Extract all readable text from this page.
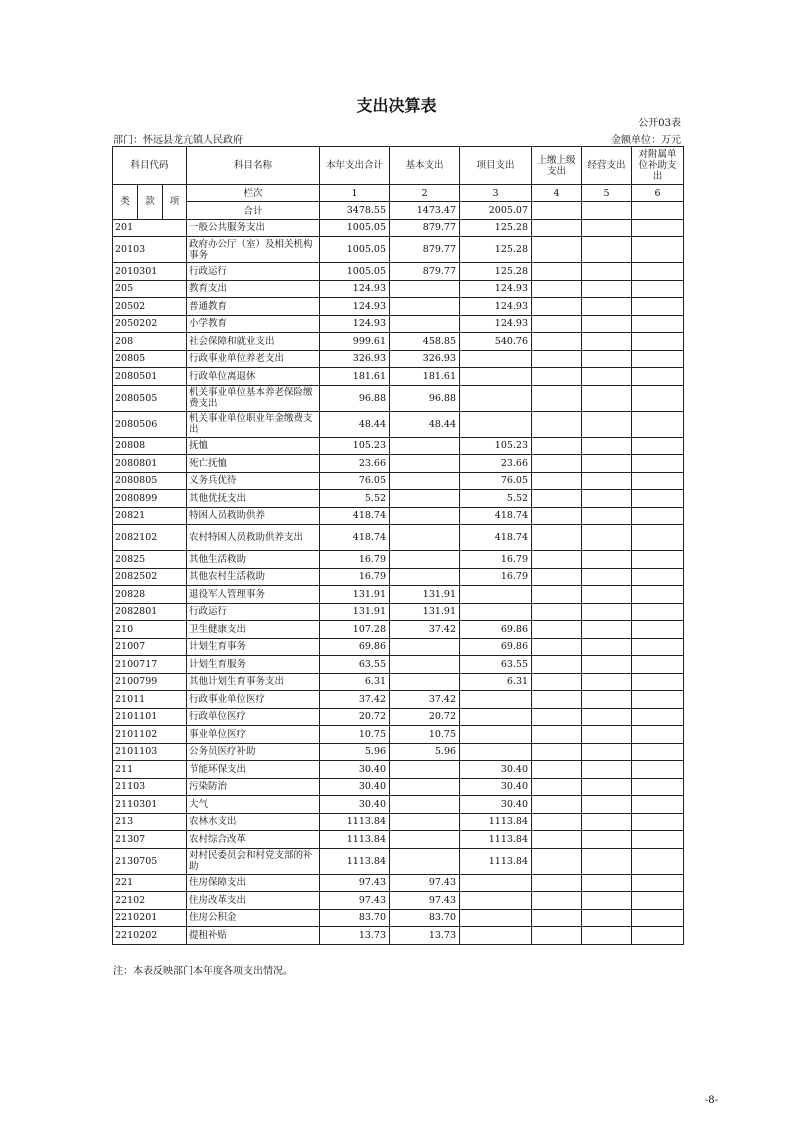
支出决算表
公开03表
部门：怀远县龙亢镇人民政府	金额单位：万元
科目代码			科目名称	本年支出合计	基本支出	项目支出	上缴上级支出	经营支出	对附属单位补助支出
类	款	项	栏次	1	2	3	4	5	6
			合计	3478.55	1473.47	2005.07			
201			一般公共服务支出	1005.05	879.77	125.28			
20103			政府办公厅（室）及相关机构事务	1005.05	879.77	125.28			
2010301			行政运行	1005.05	879.77	125.28			
205			教育支出	124.93		124.93			
20502			普通教育	124.93		124.93			
2050202			小学教育	124.93		124.93			
208			社会保障和就业支出	999.61	458.85	540.76			
20805			行政事业单位养老支出	326.93	326.93				
2080501			行政单位离退休	181.61	181.61				
2080505			机关事业单位基本养老保险缴费支出	96.88	96.88				
2080506			机关事业单位职业年金缴费支出	48.44	48.44				
20808			抚恤	105.23		105.23			
2080801			死亡抚恤	23.66		23.66			
2080805			义务兵优待	76.05		76.05			
2080899			其他优抚支出	5.52		5.52			
20821			特困人员救助供养	418.74		418.74			
2082102			农村特困人员救助供养支出	418.74		418.74			
20825			其他生活救助	16.79		16.79			
2082502			其他农村生活救助	16.79		16.79			
20828			退役军人管理事务	131.91	131.91				
2082801			行政运行	131.91	131.91				
210			卫生健康支出	107.28	37.42	69.86			
21007			计划生育事务	69.86		69.86			
2100717			计划生育服务	63.55		63.55			
2100799			其他计划生育事务支出	6.31		6.31			
21011			行政事业单位医疗	37.42	37.42				
2101101			行政单位医疗	20.72	20.72				
2101102			事业单位医疗	10.75	10.75				
2101103			公务员医疗补助	5.96	5.96				
211			节能环保支出	30.40		30.40			
21103			污染防治	30.40		30.40			
2110301			大气	30.40		30.40			
213			农林水支出	1113.84		1113.84			
21307			农村综合改革	1113.84		1113.84			
2130705			对村民委员会和村党支部的补助	1113.84		1113.84			
221			住房保障支出	97.43	97.43				
22102			住房改革支出	97.43	97.43				
2210201			住房公积金	83.70	83.70				
2210202			提租补贴	13.73	13.73				
注：本表反映部门本年度各项支出情况。
-8-
